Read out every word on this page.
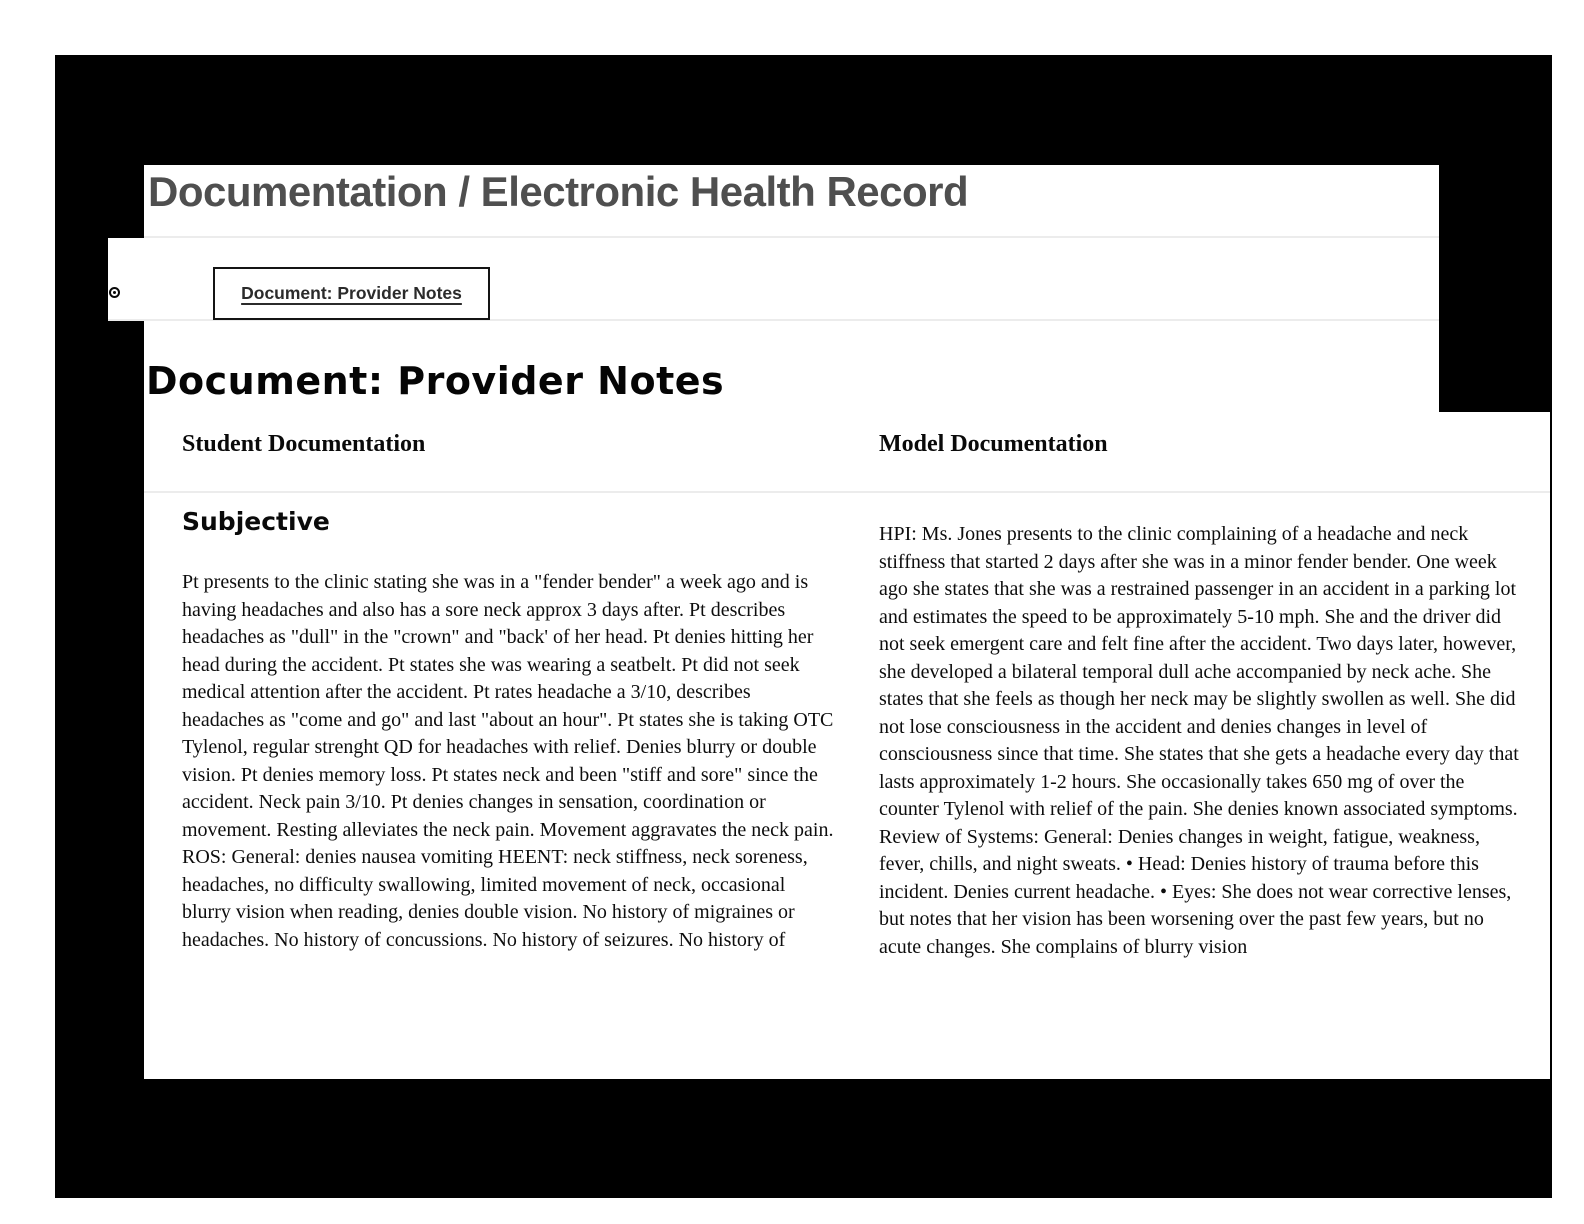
Documentation / Electronic Health Record
Document: Provider Notes
Document: Provider Notes
Student Documentation	Model Documentation
Subjective

Pt presents to the clinic stating she was in a "fender bender" a week ago and is having headaches and also has a sore neck approx 3 days after. Pt describes headaches as "dull" in the "crown" and "back' of her head. Pt denies hitting her head during the accident. Pt states she was wearing a seatbelt. Pt did not seek medical attention after the accident. Pt rates headache a 3/10, describes headaches as "come and go" and last "about an hour". Pt states she is taking OTC Tylenol, regular strenght QD for headaches with relief. Denies blurry or double vision. Pt denies memory loss. Pt states neck and been "stiff and sore" since the accident. Neck pain 3/10. Pt denies changes in sensation, coordination or movement. Resting alleviates the neck pain. Movement aggravates the neck pain. ROS: General: denies nausea vomiting HEENT: neck stiffness, neck soreness, headaches, no difficulty swallowing, limited movement of neck, occasional blurry vision when reading, denies double vision. No history of migraines or headaches. No history of concussions. No history of seizures. No history of

HPI: Ms. Jones presents to the clinic complaining of a headache and neck stiffness that started 2 days after she was in a minor fender bender. One week ago she states that she was a restrained passenger in an accident in a parking lot and estimates the speed to be approximately 5-10 mph. She and the driver did not seek emergent care and felt fine after the accident. Two days later, however, she developed a bilateral temporal dull ache accompanied by neck ache. She states that she feels as though her neck may be slightly swollen as well. She did not lose consciousness in the accident and denies changes in level of consciousness since that time. She states that she gets a headache every day that lasts approximately 1-2 hours. She occasionally takes 650 mg of over the counter Tylenol with relief of the pain. She denies known associated symptoms. Review of Systems: General: Denies changes in weight, fatigue, weakness, fever, chills, and night sweats. • Head: Denies history of trauma before this incident. Denies current headache. • Eyes: She does not wear corrective lenses, but notes that her vision has been worsening over the past few years, but no acute changes. She complains of blurry vision
